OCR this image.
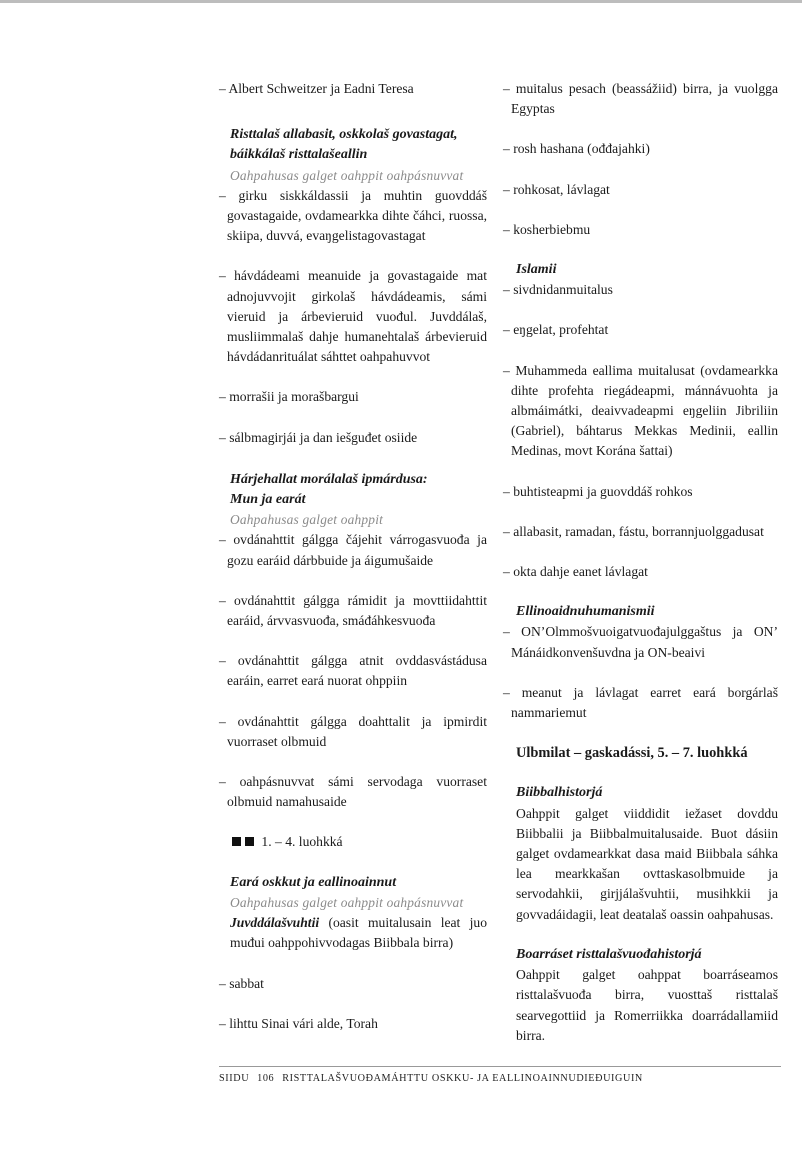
– Albert Schweitzer ja Eadni Teresa

Risttalaš allabasit, oskkolaš govastagat,

báikkálaš risttalašeallin

Oahpahusas galget oahppit oahpásnuvvat

– girku siskkáldassii ja muhtin guovddáš govastagaide, ovdamearkka dihte čáhci, ruossa, skiipa, duvvá, evaŋgelistagovastagat

– hávdádeami meanuide ja govastagaide mat adnojuvvojit girkolaš hávdádeamis, sámi vieruid ja árbevieruid vuođul. Juvddálaš, musliimmalaš dahje humanehtalaš árbevieruid hávdádanrituálat sáhttet oahpahuvvot

– morrašii ja morašbargui

– sálbmagirjái ja dan iešguđet osiide

Hárjehallat morálalaš ipmárdusa:

Mun ja earát

Oahpahusas galget oahppit

– ovdánahttit gálgga čájehit várrogasvuođa ja gozu earáid dárbbuide ja áigumušaide

– ovdánahttit gálgga rámidit ja movttiidahttit earáid, árvvasvuođa, smáđáhkesvuođa

– ovdánahttit gálgga atnit ovddasvástádusa earáin, earret eará nuorat ohppiin

– ovdánahttit gálgga doahttalit ja ipmirdit vuorraset olbmuid

– oahpásnuvvat sámi servodaga vuorraset olbmuid namahusaide

1. – 4. luohkká

Eará oskkut ja eallinoainnut

Oahpahusas galget oahppit oahpásnuvvat

Juvddálašvuhtii (oasit muitalusain leat juo muđui oahppohivvodagas Biibbala birra)

– sabbat

– lihttu Sinai vári alde, Torah

– muitalus pesach (beassážiid) birra, ja vuolgga Egyptas

– rosh hashana (ođđajahki)

– rohkosat, lávlagat

– kosherbiebmu

Islamii

– sivdnidanmuitalus

– eŋgelat, profehtat

– Muhammeda eallima muitalusat (ovdamearkka dihte profehta riegádeapmi, mánnávuohta ja albmáimátki, deaivvadeapmi eŋgeliin Jibriliin (Gabriel), báhtarus Mekkas Medinii, eallin Medinas, movt Korána šattai)

– buhtisteapmi ja guovddáš rohkos

– allabasit, ramadan, fástu, borrannjuolggadusat

– okta dahje eanet lávlagat

Ellinoaidnuhumanismii

– ON’Olmmošvuoigatvuođajulggaštus ja ON’ Mánáidkonvenšuvdna ja ON-beaivi

– meanut ja lávlagat earret eará borgárlaš nammariemut

Ulbmilat – gaskadássi, 5. – 7. luohkká

Biibbalhistorjá

Oahppit galget viiddidit iežaset dovddu Biibbalii ja Biibbalmuitalusaide. Buot dásiin galget ovdamearkkat dasa maid Biibbala sáhka lea mearkkašan ovttaskasolbmuide ja servodahkii, girjjálašvuhtii, musihkkii ja govvadáidagii, leat deatalaš oassin oahpahusas.

Boarráset risttalašvuođahistorjá

Oahppit galget oahppat boarráseamos risttalašvuođa birra, vuosttaš risttalaš searvegottiid ja Romerriikka doarrádallamiid birra.

SIIDU 106 RISTTALAŠVUOĐAMÁHTTU OSKKU- JA EALLINOAINNUDIEĐUIGUIN
